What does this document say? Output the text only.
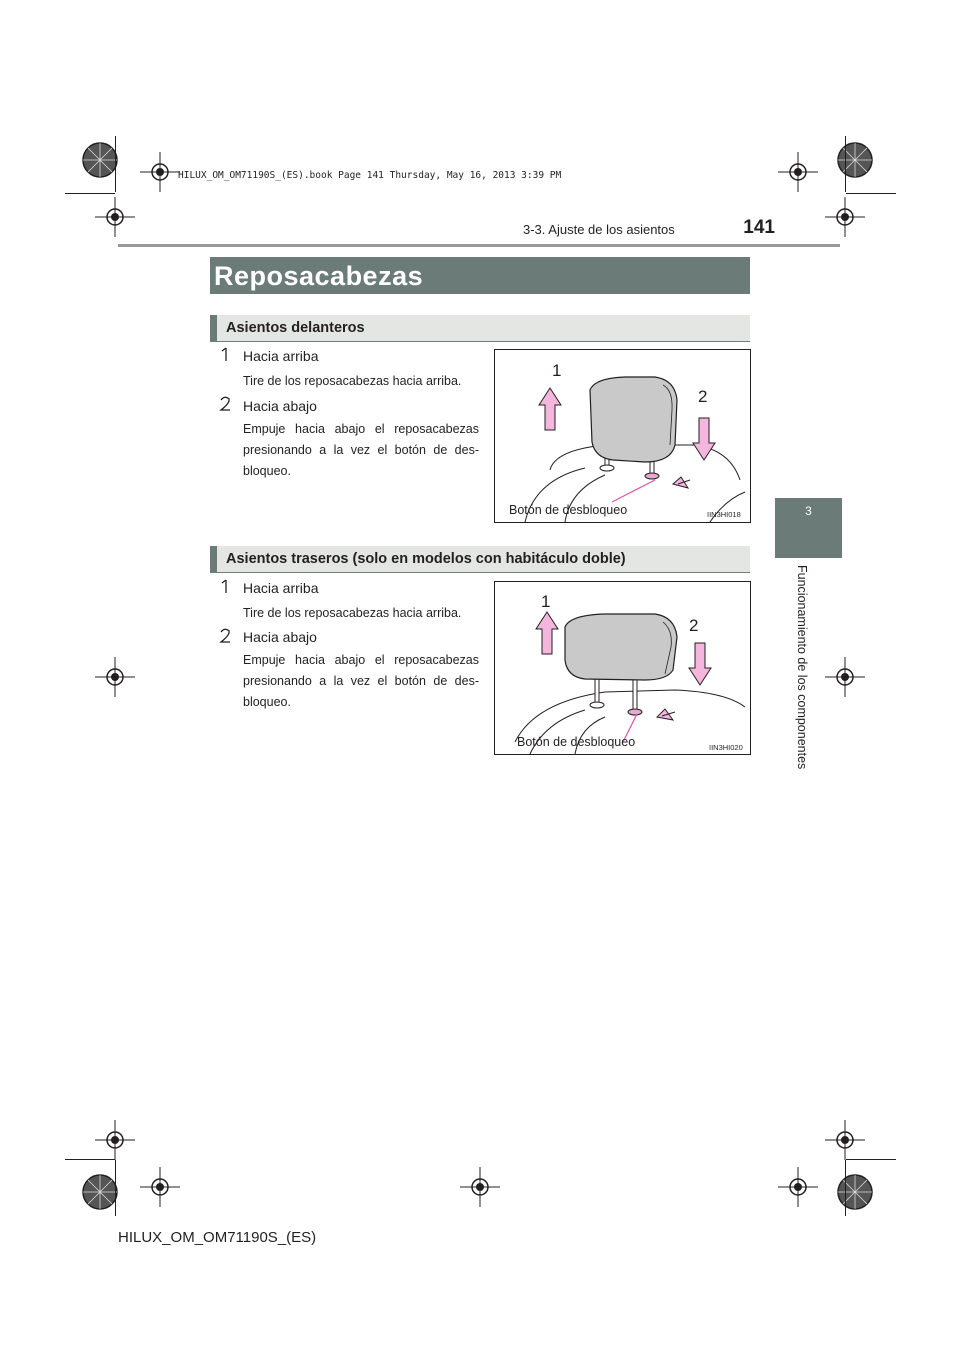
HILUX_OM_OM71190S_(ES).book Page 141 Thursday, May 16, 2013 3:39 PM
3-3. Ajuste de los asientos	141
3
Funcionamiento de los componentes
Reposacabezas
Asientos delanteros
Hacia arriba
Tire de los reposacabezas hacia arriba.
Hacia abajo
Empuje hacia abajo el reposacabezas presionando a la vez el botón de des-bloqueo.
1
2
Botón de desbloqueo	IIN3HI018
Asientos traseros (solo en modelos con habitáculo doble)
Hacia arriba
Tire de los reposacabezas hacia arriba.
Hacia abajo
Empuje hacia abajo el reposacabezas presionando a la vez el botón de des-bloqueo.
1
2
Botón de desbloqueo	IIN3HI020
HILUX_OM_OM71190S_(ES)
